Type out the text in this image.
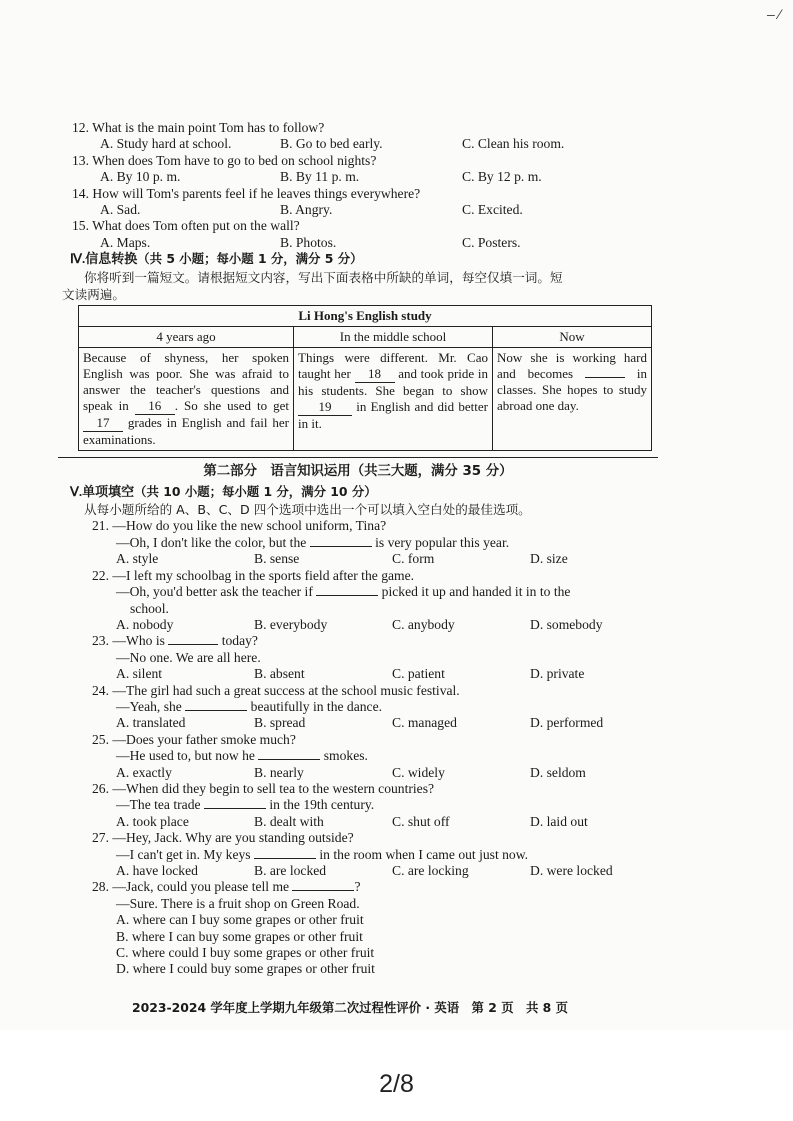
– ⁄
12. What is the main point Tom has to follow?
A. Study hard at school.	B. Go to bed early.	C. Clean his room.
13. When does Tom have to go to bed on school nights?
A. By 10 p. m.	B. By 11 p. m.	C. By 12 p. m.
14. How will Tom's parents feel if he leaves things everywhere?
A. Sad.	B. Angry.	C. Excited.
15. What does Tom often put on the wall?
A. Maps.	B. Photos.	C. Posters.
Ⅳ.信息转换（共 5 小题；每小题 1 分，满分 5 分）
你将听到一篇短文。请根据短文内容，写出下面表格中所缺的单词，每空仅填一词。短
文读两遍。
Li Hong's English study		
4 years ago	In the middle school	Now
Because of shyness, her spoken English was poor. She was afraid to answer the teacher's questions and speak in 16 . So she used to get 17 grades in English and fail her examinations.	Things were different. Mr. Cao taught her 18 and took pride in his students. She began to show 19 in English and did better in it.	Now she is working hard and becomes in classes. She hopes to study abroad one day.
第二部分　语言知识运用（共三大题，满分 35 分）
Ⅴ.单项填空（共 10 小题；每小题 1 分，满分 10 分）
从每小题所给的 A、B、C、D 四个选项中选出一个可以填入空白处的最佳选项。
21. —How do you like the new school uniform, Tina?
—Oh, I don't like the color, but the	is very popular this year.
A. style	B. sense	C. form	D. size
22. —I left my schoolbag in the sports field after the game.
—Oh, you'd better ask the teacher if	picked it up and handed it in to the
school.
A. nobody	B. everybody	C. anybody	D. somebody
23. —Who is	today?
—No one. We are all here.
A. silent	B. absent	C. patient	D. private
24. —The girl had such a great success at the school music festival.
—Yeah, she	beautifully in the dance.
A. translated	B. spread	C. managed	D. performed
25. —Does your father smoke much?
—He used to, but now he	smokes.
A. exactly	B. nearly	C. widely	D. seldom
26. —When did they begin to sell tea to the western countries?
—The tea trade	in the 19th century.
A. took place	B. dealt with	C. shut off	D. laid out
27. —Hey, Jack. Why are you standing outside?
—I can't get in. My keys	in the room when I came out just now.
A. have locked	B. are locked	C. are locking	D. were locked
28. —Jack, could you please tell me	?
—Sure. There is a fruit shop on Green Road.
A. where can I buy some grapes or other fruit
B. where I can buy some grapes or other fruit
C. where could I buy some grapes or other fruit
D. where I could buy some grapes or other fruit
2023-2024 学年度上学期九年级第二次过程性评价 · 英语　第 2 页　共 8 页
2/8
